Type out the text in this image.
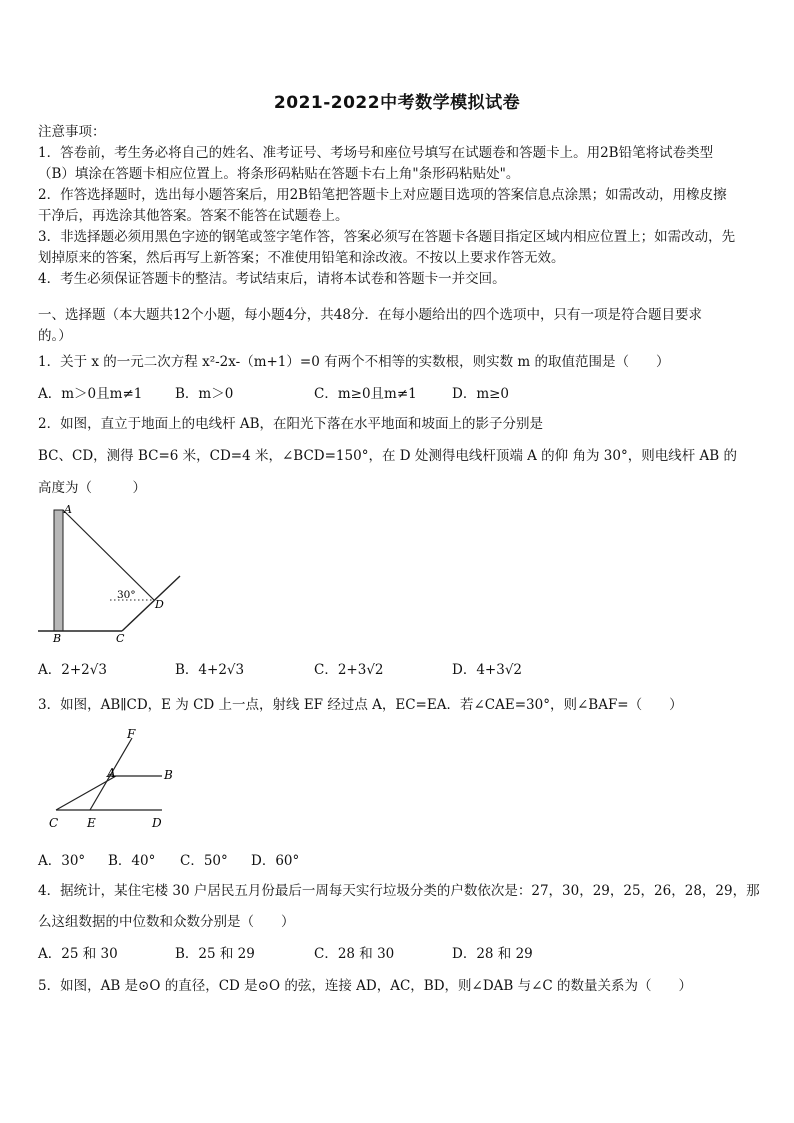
2021-2022中考数学模拟试卷
注意事项：
1．答卷前，考生务必将自己的姓名、准考证号、考场号和座位号填写在试题卷和答题卡上。用2B铅笔将试卷类型
（B）填涂在答题卡相应位置上。将条形码粘贴在答题卡右上角"条形码粘贴处"。
2．作答选择题时，选出每小题答案后，用2B铅笔把答题卡上对应题目选项的答案信息点涂黑；如需改动，用橡皮擦
干净后，再选涂其他答案。答案不能答在试题卷上。
3．非选择题必须用黑色字迹的钢笔或签字笔作答，答案必须写在答题卡各题目指定区域内相应位置上；如需改动，先
划掉原来的答案，然后再写上新答案；不准使用铅笔和涂改液。不按以上要求作答无效。
4．考生必须保证答题卡的整洁。考试结束后，请将本试卷和答题卡一并交回。
一、选择题（本大题共12个小题，每小题4分，共48分．在每小题给出的四个选项中，只有一项是符合题目要求
的。）
1．关于 x 的一元二次方程 x²-2x-（m+1）=0 有两个不相等的实数根，则实数 m 的取值范围是（　　）
A．m＞0且m≠1 B．m＞0	C．m≥0且m≠1	D．m≥0
2．如图，直立于地面上的电线杆 AB，在阳光下落在水平地面和坡面上的影子分别是
BC、CD，测得 BC=6 米，CD=4 米，∠BCD=150°，在 D 处测得电线杆顶端 A 的仰 角为 30°，则电线杆 AB 的
高度为（　　　）
A
B	C
D
30°
A．2+2√3	B．4+2√3	C．2+3√2	D．4+3√2
3．如图，AB∥CD，E 为 CD 上一点，射线 EF 经过点 A，EC=EA．若∠CAE=30°，则∠BAF=（　　）
F
A	B
C E	D
A．30° B．40° C．50° D．60°
4．据统计，某住宅楼 30 户居民五月份最后一周每天实行垃圾分类的户数依次是：27，30，29，25，26，28，29，那
么这组数据的中位数和众数分别是（　　）
A．25 和 30	B．25 和 29	C．28 和 30	D．28 和 29
5．如图，AB 是⊙O 的直径，CD 是⊙O 的弦，连接 AD，AC，BD，则∠DAB 与∠C 的数量关系为（　　）
